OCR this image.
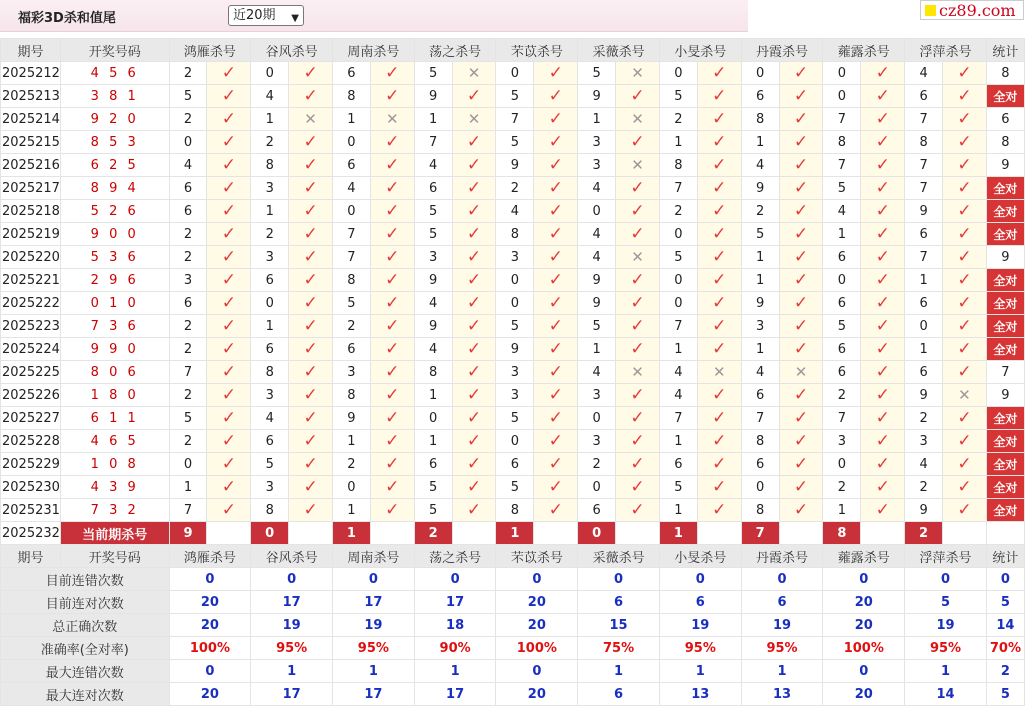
福彩3D杀和值尾	近20期 ▼	cz89.com
期号	开奖号码	鸿雁杀号		谷风杀号		周南杀号		荡之杀号		芣苡杀号		采薇杀号		小旻杀号		丹霞杀号		蕹露杀号		浮萍杀号		统计
2025212	4 5 6	2	✓	0	✓	6	✓	5	✕	0	✓	5	✕	0	✓	0	✓	0	✓	4	✓	8
2025213	3 8 1	5	✓	4	✓	8	✓	9	✓	5	✓	9	✓	5	✓	6	✓	0	✓	6	✓	全对
2025214	9 2 0	2	✓	1	✕	1	✕	1	✕	7	✓	1	✕	2	✓	8	✓	7	✓	7	✓	6
2025215	8 5 3	0	✓	2	✓	0	✓	7	✓	5	✓	3	✓	1	✓	1	✓	8	✓	8	✓	8
2025216	6 2 5	4	✓	8	✓	6	✓	4	✓	9	✓	3	✕	8	✓	4	✓	7	✓	7	✓	9
2025217	8 9 4	6	✓	3	✓	4	✓	6	✓	2	✓	4	✓	7	✓	9	✓	5	✓	7	✓	全对
2025218	5 2 6	6	✓	1	✓	0	✓	5	✓	4	✓	0	✓	2	✓	2	✓	4	✓	9	✓	全对
2025219	9 0 0	2	✓	2	✓	7	✓	5	✓	8	✓	4	✓	0	✓	5	✓	1	✓	6	✓	全对
2025220	5 3 6	2	✓	3	✓	7	✓	3	✓	3	✓	4	✕	5	✓	1	✓	6	✓	7	✓	9
2025221	2 9 6	3	✓	6	✓	8	✓	9	✓	0	✓	9	✓	0	✓	1	✓	0	✓	1	✓	全对
2025222	0 1 0	6	✓	0	✓	5	✓	4	✓	0	✓	9	✓	0	✓	9	✓	6	✓	6	✓	全对
2025223	7 3 6	2	✓	1	✓	2	✓	9	✓	5	✓	5	✓	7	✓	3	✓	5	✓	0	✓	全对
2025224	9 9 0	2	✓	6	✓	6	✓	4	✓	9	✓	1	✓	1	✓	1	✓	6	✓	1	✓	全对
2025225	8 0 6	7	✓	8	✓	3	✓	8	✓	3	✓	4	✕	4	✕	4	✕	6	✓	6	✓	7
2025226	1 8 0	2	✓	3	✓	8	✓	1	✓	3	✓	3	✓	4	✓	6	✓	2	✓	9	✕	9
2025227	6 1 1	5	✓	4	✓	9	✓	0	✓	5	✓	0	✓	7	✓	7	✓	7	✓	2	✓	全对
2025228	4 6 5	2	✓	6	✓	1	✓	1	✓	0	✓	3	✓	1	✓	8	✓	3	✓	3	✓	全对
2025229	1 0 8	0	✓	5	✓	2	✓	6	✓	6	✓	2	✓	6	✓	6	✓	0	✓	4	✓	全对
2025230	4 3 9	1	✓	3	✓	0	✓	5	✓	5	✓	0	✓	5	✓	0	✓	2	✓	2	✓	全对
2025231	7 3 2	7	✓	8	✓	1	✓	5	✓	8	✓	6	✓	1	✓	8	✓	1	✓	9	✓	全对
2025232	当前期杀号	9		0		1		2		1		0		1		7		8		2		
期号	开奖号码	鸿雁杀号		谷风杀号		周南杀号		荡之杀号		芣苡杀号		采薇杀号		小旻杀号		丹霞杀号		蕹露杀号		浮萍杀号		统计
目前连错次数		0		0		0		0		0		0		0		0		0		0		0
目前连对次数		20		17		17		17		20		6		6		6		20		5		5
总正确次数		20		19		19		18		20		15		19		19		20		19		14
准确率(全对率)		100%		95%		95%		90%		100%		75%		95%		95%		100%		95%		70%
最大连错次数		0		1		1		1		0		1		1		1		0		1		2
最大连对次数		20		17		17		17		20		6		13		13		20		14		5
